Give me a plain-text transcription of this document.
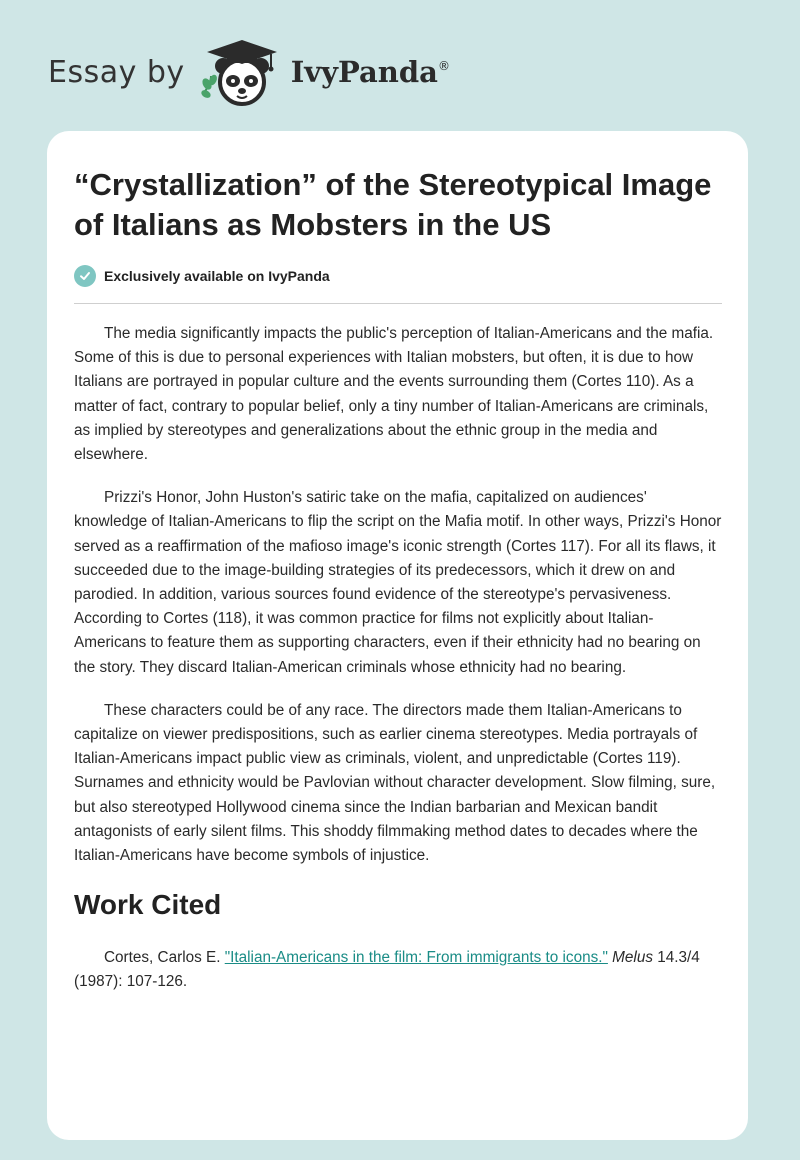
Essay by	IvyPanda®
“Crystallization” of the Stereotypical Image of Italians as Mobsters in the US
Exclusively available on IvyPanda

The media significantly impacts the public's perception of Italian-Americans and the mafia. Some of this is due to personal experiences with Italian mobsters, but often, it is due to how Italians are portrayed in popular culture and the events surrounding them (Cortes 110). As a matter of fact, contrary to popular belief, only a tiny number of Italian-Americans are criminals, as implied by stereotypes and generalizations about the ethnic group in the media and elsewhere.

Prizzi's Honor, John Huston's satiric take on the mafia, capitalized on audiences' knowledge of Italian-Americans to flip the script on the Mafia motif. In other ways, Prizzi's Honor served as a reaffirmation of the mafioso image's iconic strength (Cortes 117). For all its flaws, it succeeded due to the image-building strategies of its predecessors, which it drew on and parodied. In addition, various sources found evidence of the stereotype's pervasiveness. According to Cortes (118), it was common practice for films not explicitly about Italian-Americans to feature them as supporting characters, even if their ethnicity had no bearing on the story. They discard Italian-American criminals whose ethnicity had no bearing.

These characters could be of any race. The directors made them Italian-Americans to capitalize on viewer predispositions, such as earlier cinema stereotypes. Media portrayals of Italian-Americans impact public view as criminals, violent, and unpredictable (Cortes 119). Surnames and ethnicity would be Pavlovian without character development. Slow filming, sure, but also stereotyped Hollywood cinema since the Indian barbarian and Mexican bandit antagonists of early silent films. This shoddy filmmaking method dates to decades where the Italian-Americans have become symbols of injustice.

Work Cited

Cortes, Carlos E. "Italian-Americans in the film: From immigrants to icons." Melus 14.3/4 (1987): 107-126.
